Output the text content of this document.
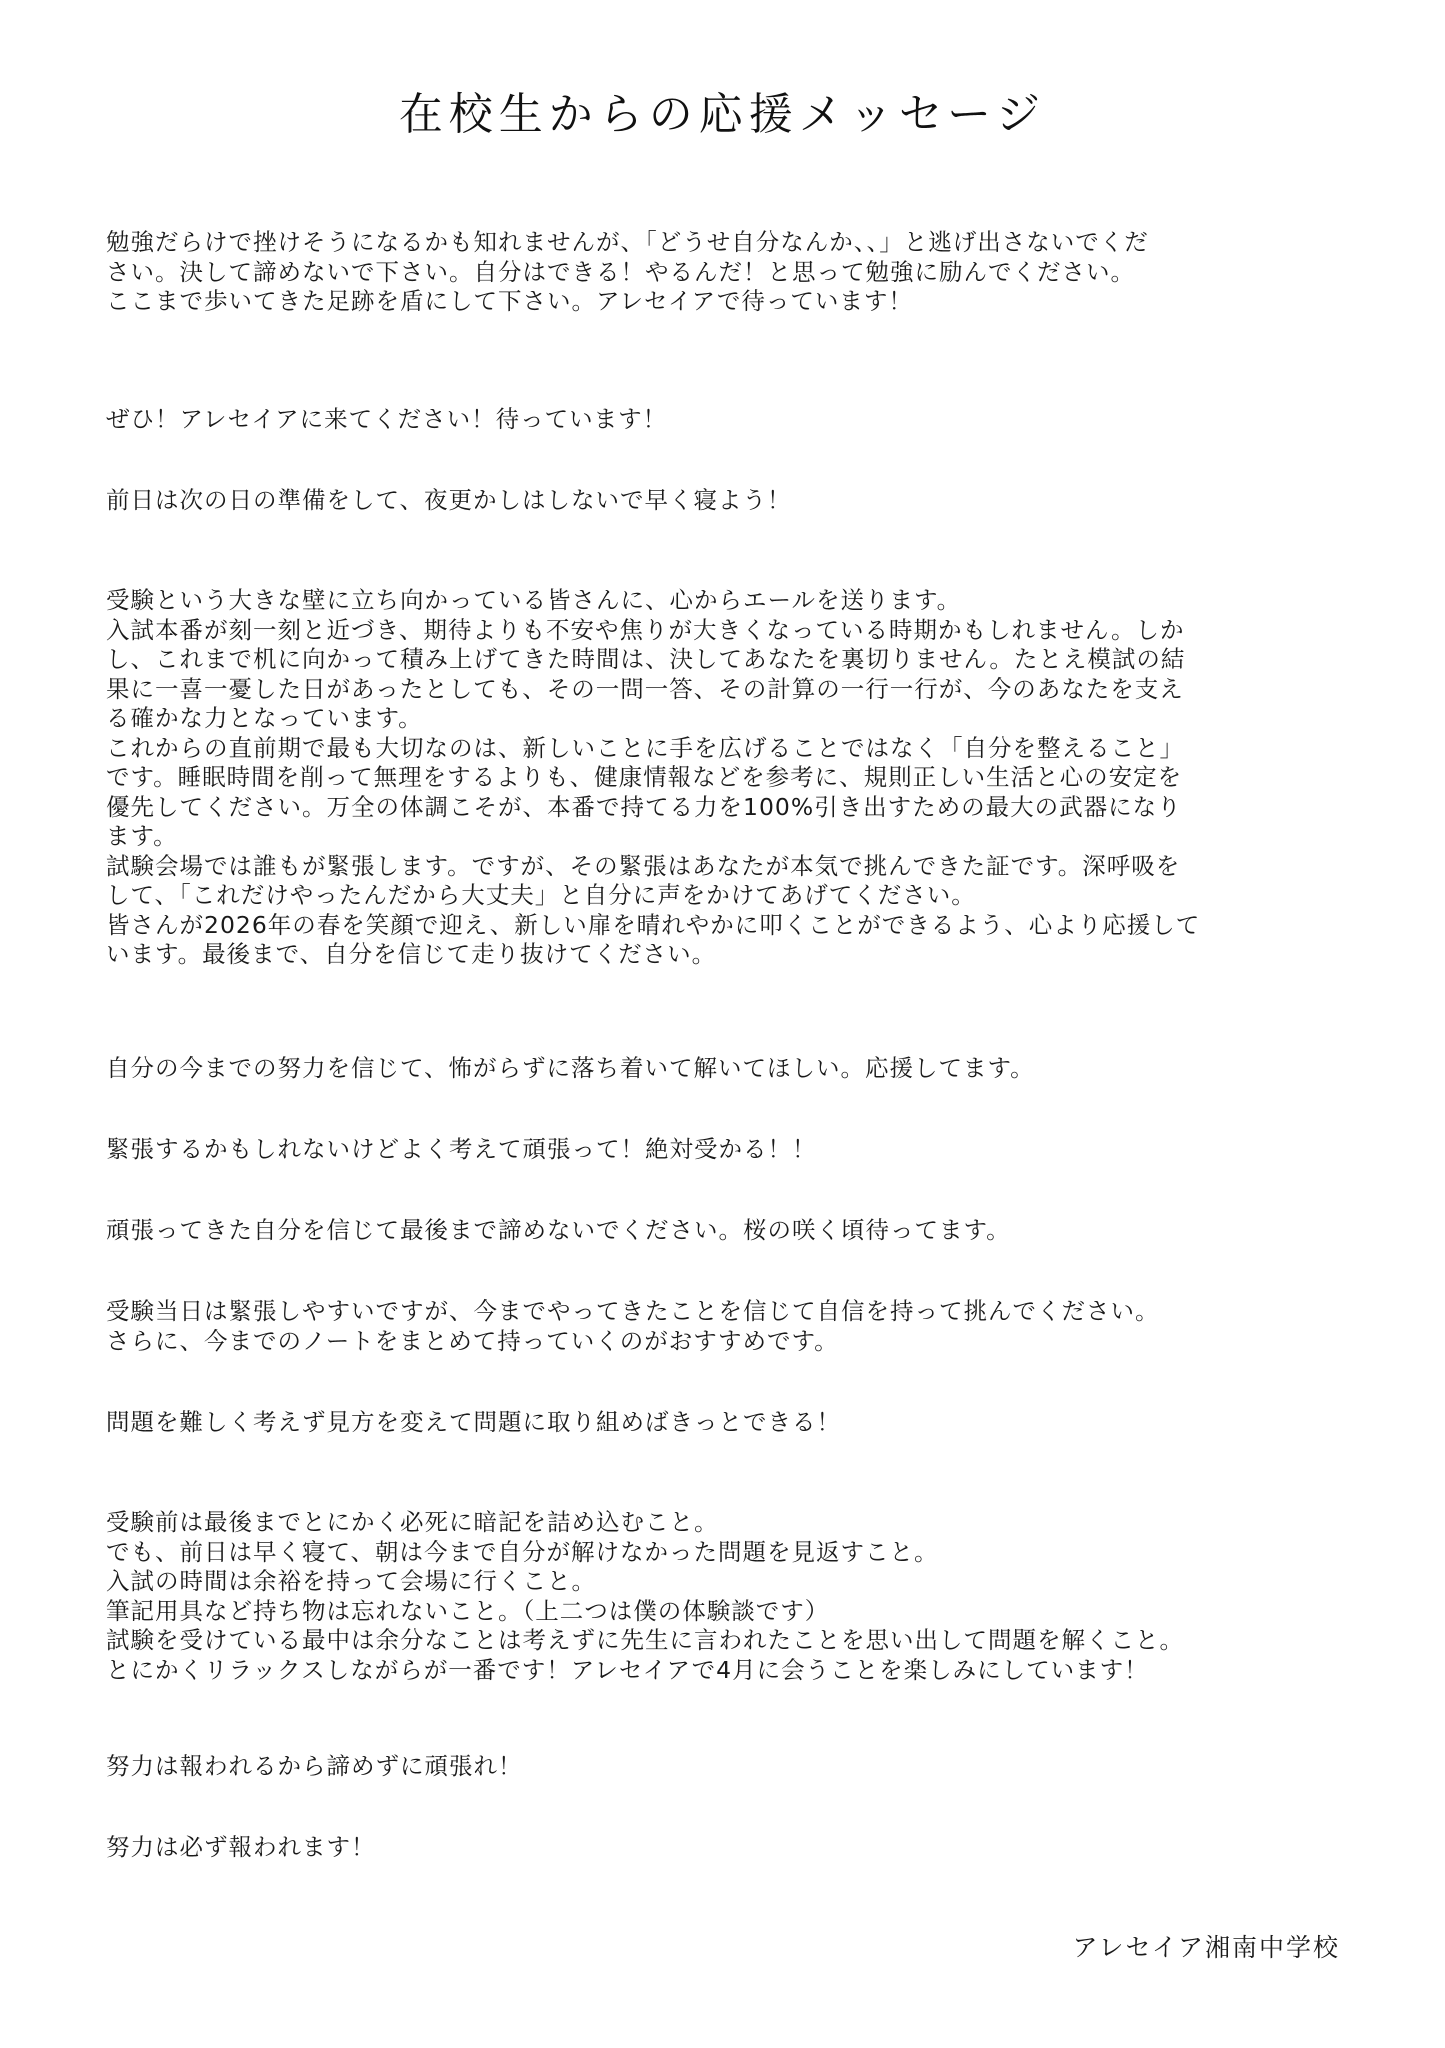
在校生からの応援メッセージ
勉強だらけで挫けそうになるかも知れませんが、「どうせ自分なんか、、」と逃げ出さないでくだ
さい。決して諦めないで下さい。自分はできる！やるんだ！と思って勉強に励んでください。
ここまで歩いてきた足跡を盾にして下さい。アレセイアで待っています！
ぜひ！アレセイアに来てください！待っています！
前日は次の日の準備をして、夜更かしはしないで早く寝よう！
受験という大きな壁に立ち向かっている皆さんに、心からエールを送ります。
入試本番が刻一刻と近づき、期待よりも不安や焦りが大きくなっている時期かもしれません。しか
し、これまで机に向かって積み上げてきた時間は、決してあなたを裏切りません。たとえ模試の結
果に一喜一憂した日があったとしても、その一問一答、その計算の一行一行が、今のあなたを支え
る確かな力となっています。
これからの直前期で最も大切なのは、新しいことに手を広げることではなく「自分を整えること」
です。睡眠時間を削って無理をするよりも、健康情報などを参考に、規則正しい生活と心の安定を
優先してください。万全の体調こそが、本番で持てる力を100%引き出すための最大の武器になり
ます。
試験会場では誰もが緊張します。ですが、その緊張はあなたが本気で挑んできた証です。深呼吸を
して、「これだけやったんだから大丈夫」と自分に声をかけてあげてください。
皆さんが2026年の春を笑顔で迎え、新しい扉を晴れやかに叩くことができるよう、心より応援して
います。最後まで、自分を信じて走り抜けてください。
自分の今までの努力を信じて、怖がらずに落ち着いて解いてほしい。応援してます。
緊張するかもしれないけどよく考えて頑張って！絶対受かる！！
頑張ってきた自分を信じて最後まで諦めないでください。桜の咲く頃待ってます。
受験当日は緊張しやすいですが、今までやってきたことを信じて自信を持って挑んでください。
さらに、今までのノートをまとめて持っていくのがおすすめです。
問題を難しく考えず見方を変えて問題に取り組めばきっとできる！
受験前は最後までとにかく必死に暗記を詰め込むこと。
でも、前日は早く寝て、朝は今まで自分が解けなかった問題を見返すこと。
入試の時間は余裕を持って会場に行くこと。
筆記用具など持ち物は忘れないこと。（上二つは僕の体験談です）
試験を受けている最中は余分なことは考えずに先生に言われたことを思い出して問題を解くこと。
とにかくリラックスしながらが一番です！アレセイアで4月に会うことを楽しみにしています！
努力は報われるから諦めずに頑張れ！
努力は必ず報われます！
アレセイア湘南中学校
